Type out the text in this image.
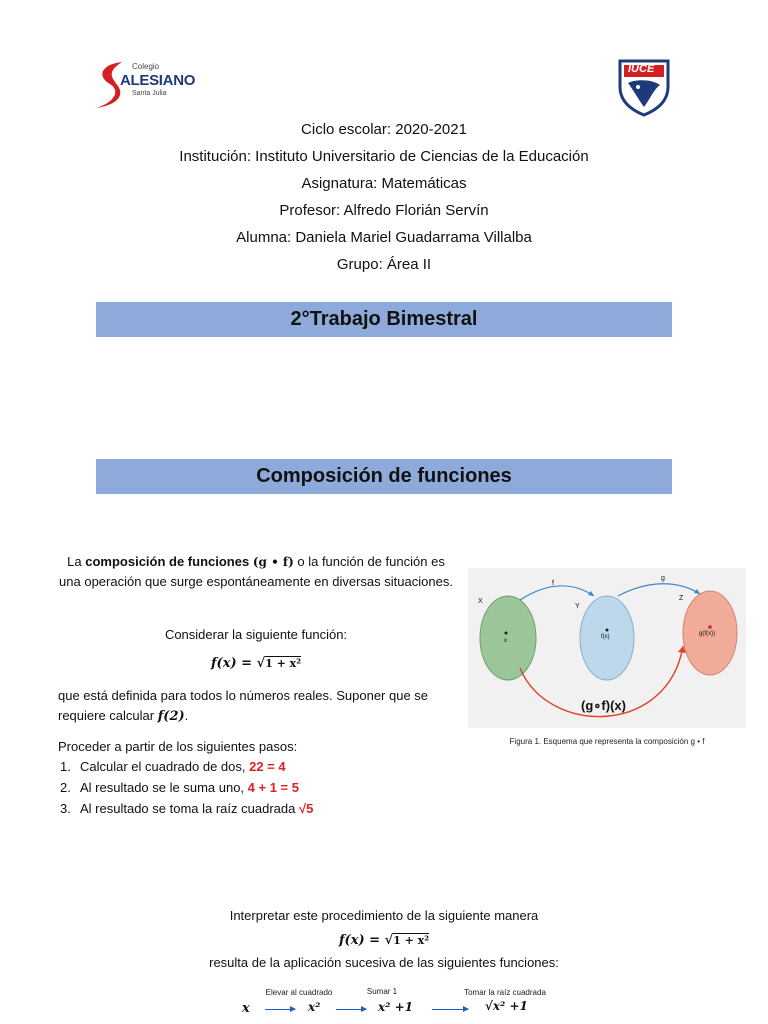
Colegio
ALESIANO
Santa Julia
IUCE
Ciclo escolar: 2020-2021
Institución: Instituto Universitario de Ciencias de la Educación
Asignatura: Matemáticas
Profesor: Alfredo Florián Servín
Alumna: Daniela Mariel Guadarrama Villalba
Grupo: Área II
2°Trabajo Bimestral
Composición de funciones
La composición de funciones (g • f) o la función de función es una operación que surge espontáneamente en diversas situaciones.
Considerar la siguiente función:
f(x) = √1 + x²
que está definida para todos lo números reales. Suponer que se requiere calcular f(2).
Proceder a partir de los siguientes pasos:
1. Calcular el cuadrado de dos, 22 = 4
2. Al resultado se le suma uno, 4 + 1 = 5
3. Al resultado se toma la raíz cuadrada √5
X
Y
Z
f
g
x
f(x)	g(f(x))
(g∘f)(x)
Figura 1. Esquema que representa la composición g • f
Interpretar este procedimiento de la siguiente manera
f(x) = √1 + x²
resulta de la aplicación sucesiva de las siguientes funciones:
Elevar al cuadrado	Sumar 1	Tomar la raíz cuadrada
x	x²	x² +1	√x² +1
